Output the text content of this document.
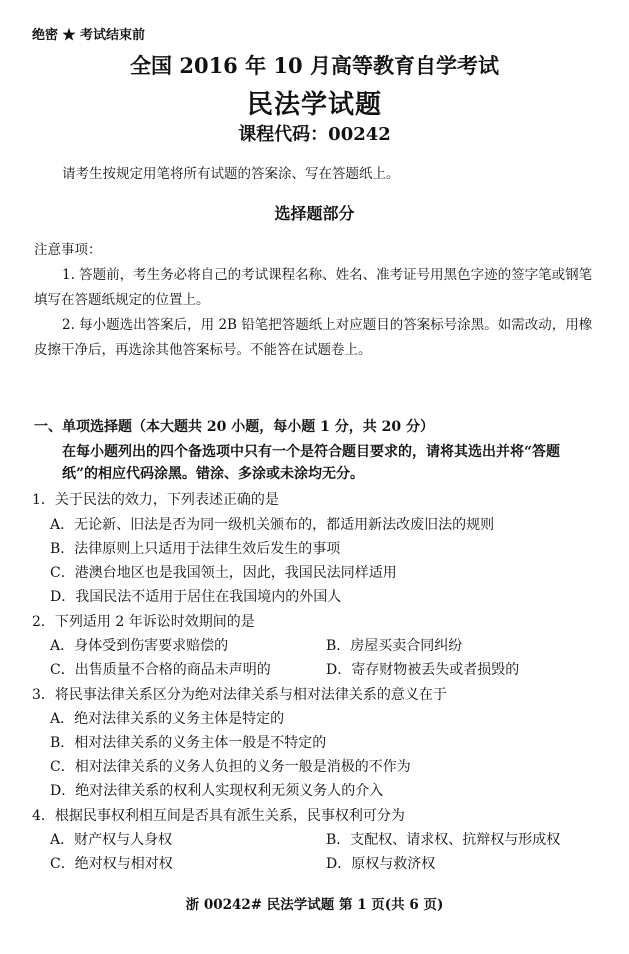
绝密 ★ 考试结束前
全国 2016 年 10 月高等教育自学考试
民法学试题
课程代码：00242
请考生按规定用笔将所有试题的答案涂、写在答题纸上。
选择题部分
注意事项：
1. 答题前，考生务必将自己的考试课程名称、姓名、准考证号用黑色字迹的签字笔或钢笔
填写在答题纸规定的位置上。
2. 每小题选出答案后，用 2B 铅笔把答题纸上对应题目的答案标号涂黑。如需改动，用橡
皮擦干净后，再选涂其他答案标号。不能答在试题卷上。
一、单项选择题（本大题共 20 小题，每小题 1 分，共 20 分）
在每小题列出的四个备选项中只有一个是符合题目要求的，请将其选出并将“答题
纸”的相应代码涂黑。错涂、多涂或未涂均无分。
1．关于民法的效力，下列表述正确的是
A．无论新、旧法是否为同一级机关颁布的，都适用新法改废旧法的规则
B．法律原则上只适用于法律生效后发生的事项
C．港澳台地区也是我国领土，因此，我国民法同样适用
D．我国民法不适用于居住在我国境内的外国人
2．下列适用 2 年诉讼时效期间的是
A．身体受到伤害要求赔偿的	B．房屋买卖合同纠纷
C．出售质量不合格的商品未声明的	D．寄存财物被丢失或者损毁的
3．将民事法律关系区分为绝对法律关系与相对法律关系的意义在于
A．绝对法律关系的义务主体是特定的
B．相对法律关系的义务主体一般是不特定的
C．相对法律关系的义务人负担的义务一般是消极的不作为
D．绝对法律关系的权利人实现权利无须义务人的介入
4．根据民事权利相互间是否具有派生关系，民事权利可分为
A．财产权与人身权	B．支配权、请求权、抗辩权与形成权
C．绝对权与相对权	D．原权与救济权
浙 00242# 民法学试题 第 1 页(共 6 页)
